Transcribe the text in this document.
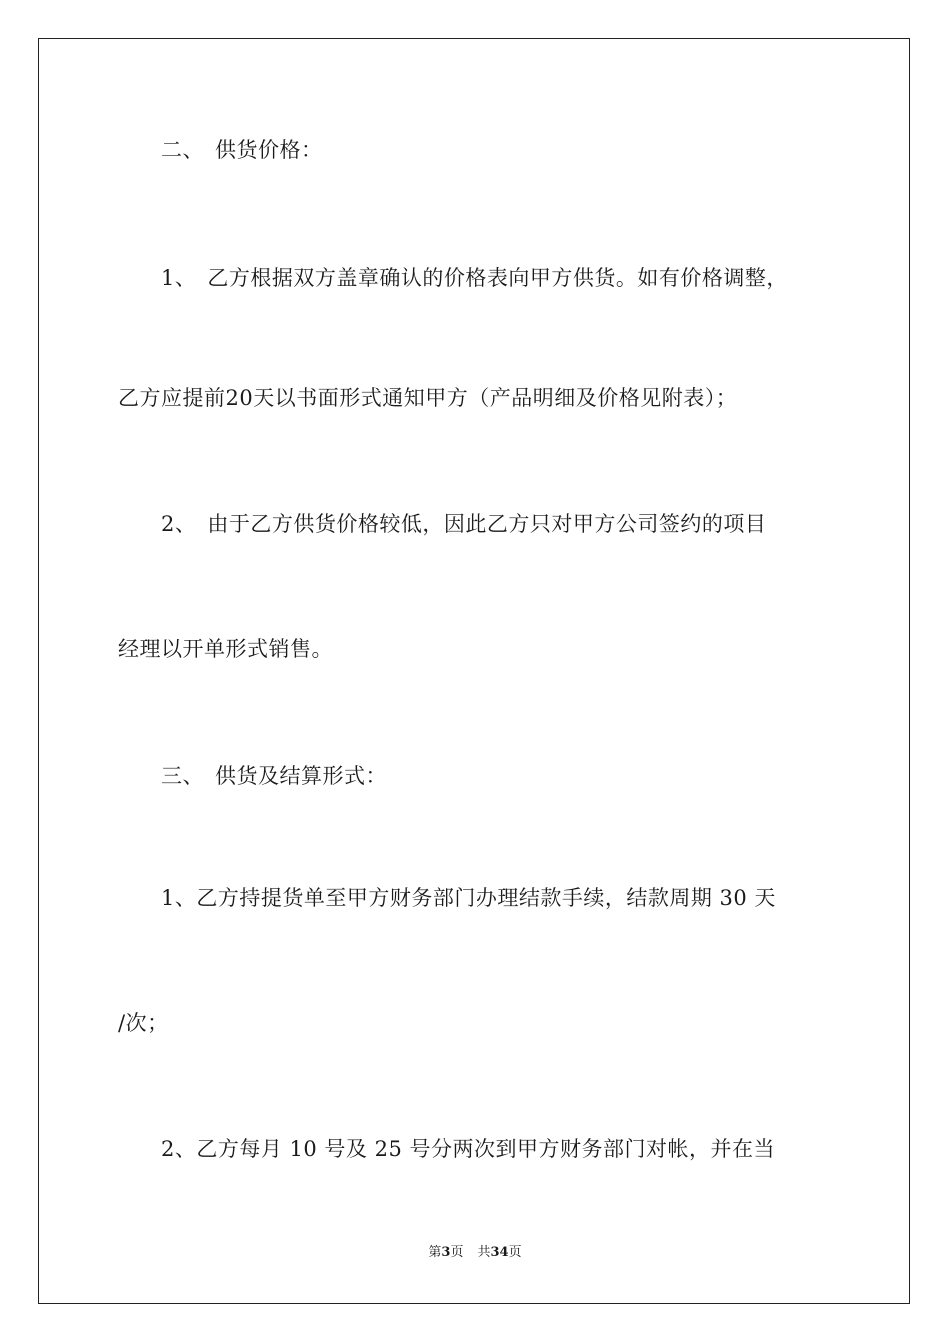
　　二、　供货价格：
　　1、　乙方根据双方盖章确认的价格表向甲方供货。如有价格调整，
乙方应提前20天以书面形式通知甲方（产品明细及价格见附表）；
　　2、　由于乙方供货价格较低，因此乙方只对甲方公司签约的项目
经理以开单形式销售。
　　三、　供货及结算形式：
　　1、乙方持提货单至甲方财务部门办理结款手续，结款周期 30 天
/次；
　　2、乙方每月 10 号及 25 号分两次到甲方财务部门对帐，并在当
第3页 共34页
